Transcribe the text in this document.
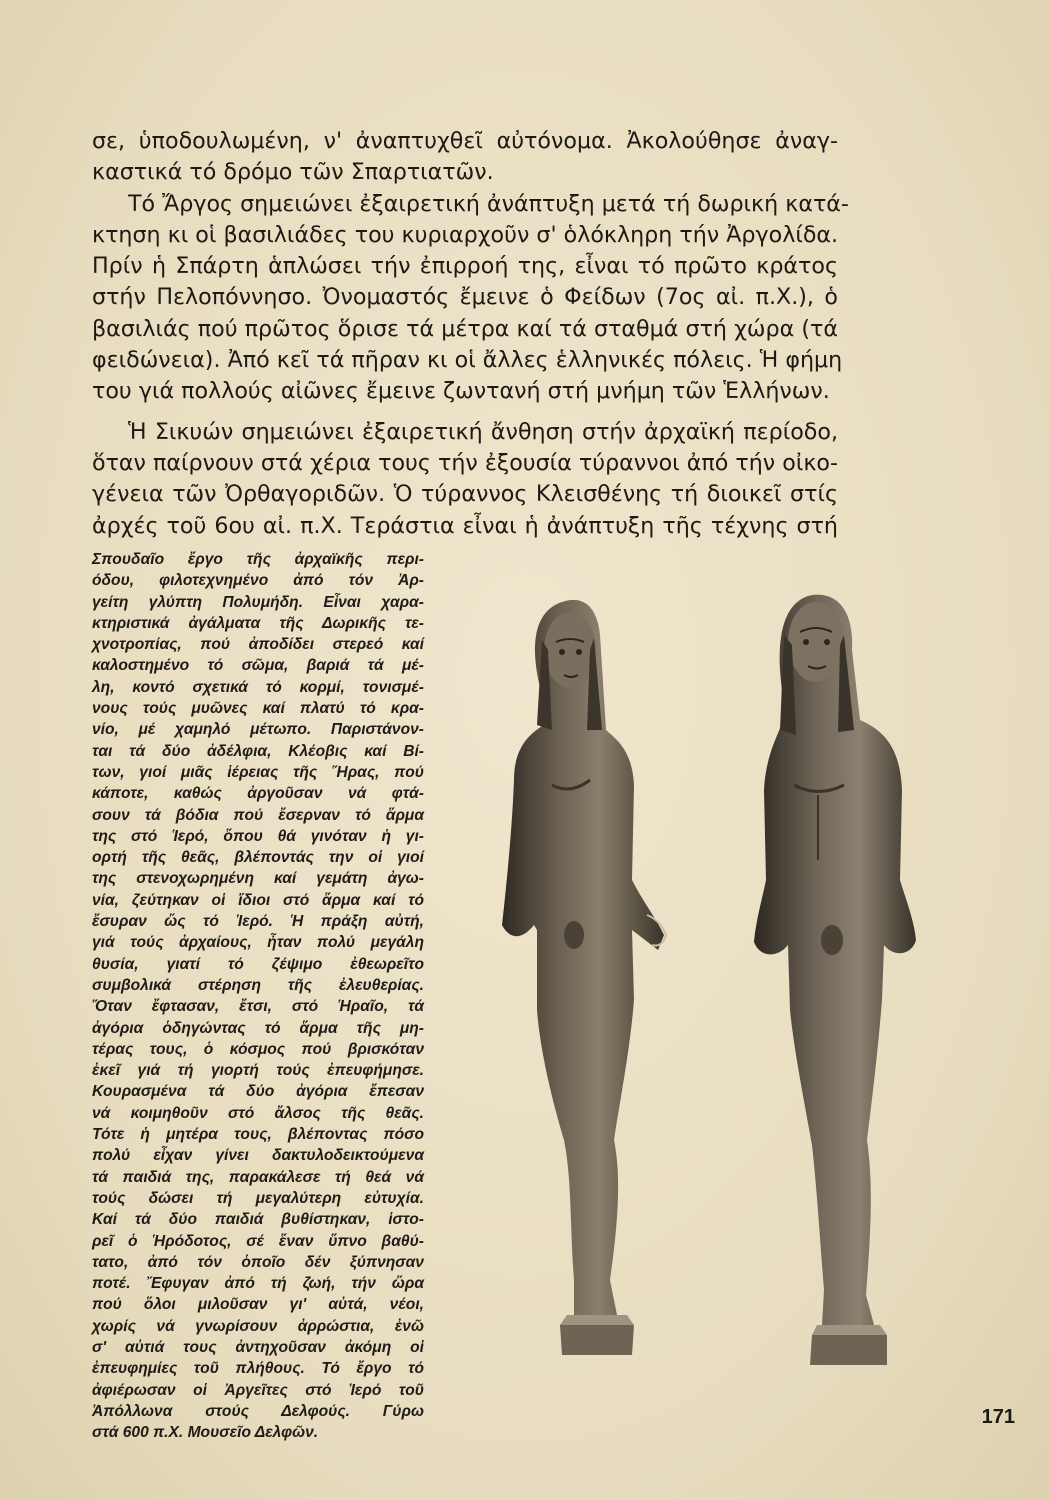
σε, ὑποδουλωμένη, ν' ἀναπτυχθεῖ αὐτόνομα. Ἀκολούθησε ἀναγ-

καστικά τό δρόμο τῶν Σπαρτιατῶν.

Τό Ἄργος σημειώνει ἐξαιρετική ἀνάπτυξη μετά τή δωρική κατά-

κτηση κι οἱ βασιλιάδες του κυριαρχοῦν σ' ὁλόκληρη τήν Ἀργολίδα.

Πρίν ἡ Σπάρτη ἁπλώσει τήν ἐπιρροή της, εἶναι τό πρῶτο κράτος

στήν Πελοπόννησο. Ὀνομαστός ἔμεινε ὁ Φείδων (7ος αἰ. π.Χ.), ὁ

βασιλιάς πού πρῶτος ὅρισε τά μέτρα καί τά σταθμά στή χώρα (τά

φειδώνεια). Ἀπό κεῖ τά πῆραν κι οἱ ἄλλες ἑλληνικές πόλεις. Ἡ φήμη

του γιά πολλούς αἰῶνες ἔμεινε ζωντανή στή μνήμη τῶν Ἑλλήνων.

Ἡ Σικυών σημειώνει ἐξαιρετική ἄνθηση στήν ἀρχαϊκή περίοδο,

ὅταν παίρνουν στά χέρια τους τήν ἐξουσία τύραννοι ἀπό τήν οἰκο-

γένεια τῶν Ὀρθαγοριδῶν. Ὁ τύραννος Κλεισθένης τή διοικεῖ στίς

ἀρχές τοῦ 6ου αἰ. π.Χ. Τεράστια εἶναι ἡ ἀνάπτυξη τῆς τέχνης στή

Σπουδαῖο ἔργο τῆς ἀρχαϊκῆς περι-

όδου, φιλοτεχνημένο ἀπό τόν Ἀρ-

γείτη γλύπτη Πολυμήδη. Εἶναι χαρα-

κτηριστικά ἀγάλματα τῆς Δωρικῆς τε-

χνοτροπίας, πού ἀποδίδει στερεό καί

καλοστημένο τό σῶμα, βαριά τά μέ-

λη, κοντό σχετικά τό κορμί, τονισμέ-

νους τούς μυῶνες καί πλατύ τό κρα-

νίο, μέ χαμηλό μέτωπο. Παριστάνον-

ται τά δύο ἀδέλφια, Κλέοβις καί Βί-

των, γιοί μιᾶς ἱέρειας τῆς Ἥρας, πού

κάποτε, καθώς ἀργοῦσαν νά φτά-

σουν τά βόδια πού ἔσερναν τό ἅρμα

της στό Ἱερό, ὅπου θά γινόταν ἡ γι-

ορτή τῆς θεᾶς, βλέποντάς την οἱ γιοί

της στενοχωρημένη καί γεμάτη ἀγω-

νία, ζεύτηκαν οἱ ἴδιοι στό ἅρμα καί τό

ἔσυραν ὥς τό Ἱερό. Ἡ πράξη αὐτή,

γιά τούς ἀρχαίους, ἦταν πολύ μεγάλη

θυσία, γιατί τό ζέψιμο ἐθεωρεῖτο

συμβολικά στέρηση τῆς ἐλευθερίας.

Ὅταν ἔφτασαν, ἔτσι, στό Ἡραῖο, τά

ἀγόρια ὁδηγώντας τό ἅρμα τῆς μη-

τέρας τους, ὁ κόσμος πού βρισκόταν

ἐκεῖ γιά τή γιορτή τούς ἐπευφήμησε.

Κουρασμένα τά δύο ἀγόρια ἔπεσαν

νά κοιμηθοῦν στό ἄλσος τῆς θεᾶς.

Τότε ἡ μητέρα τους, βλέποντας πόσο

πολύ εἶχαν γίνει δακτυλοδεικτούμενα

τά παιδιά της, παρακάλεσε τή θεά νά

τούς δώσει τή μεγαλύτερη εὐτυχία.

Καί τά δύο παιδιά βυθίστηκαν, ἱστο-

ρεῖ ὁ Ἡρόδοτος, σέ ἕναν ὕπνο βαθύ-

τατο, ἀπό τόν ὁποῖο δέν ξύπνησαν

ποτέ. Ἔφυγαν ἀπό τή ζωή, τήν ὥρα

πού ὅλοι μιλοῦσαν γι' αὐτά, νέοι,

χωρίς νά γνωρίσουν ἀρρώστια, ἐνῶ

σ' αὐτιά τους ἀντηχοῦσαν ἀκόμη οἱ

ἐπευφημίες τοῦ πλήθους. Τό ἔργο τό

ἀφιέρωσαν οἱ Ἀργεῖτες στό Ἱερό τοῦ

Ἀπόλλωνα στούς Δελφούς. Γύρω

στά 600 π.Χ. Μουσεῖο Δελφῶν.

171
